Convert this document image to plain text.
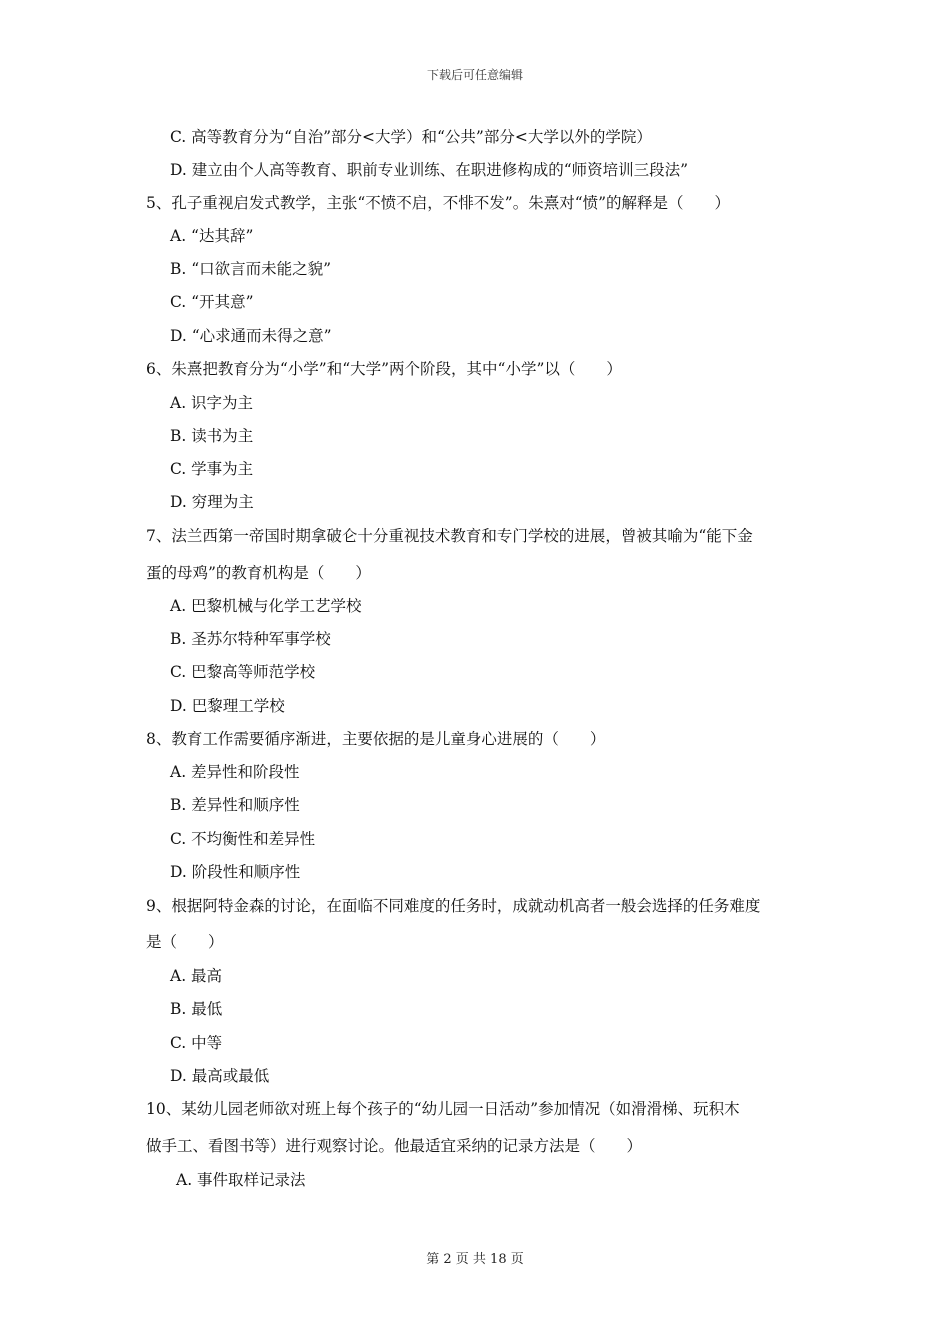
下载后可任意编辑
C. 高等教育分为“自治”部分<大学）和“公共”部分<大学以外的学院）
D. 建立由个人高等教育、职前专业训练、在职进修构成的“师资培训三段法”
5、孔子重视启发式教学，主张“不愤不启，不悱不发”。朱熹对“愤”的解释是（　　）
A. “达其辞”
B. “口欲言而未能之貌”
C. “开其意”
D. “心求通而未得之意”
6、朱熹把教育分为“小学”和“大学”两个阶段，其中“小学”以（　　）
A. 识字为主
B. 读书为主
C. 学事为主
D. 穷理为主
7、法兰西第一帝国时期拿破仑十分重视技术教育和专门学校的进展，曾被其喻为“能下金
蛋的母鸡”的教育机构是（　　）
A. 巴黎机械与化学工艺学校
B. 圣苏尔特种军事学校
C. 巴黎高等师范学校
D. 巴黎理工学校
8、教育工作需要循序渐进，主要依据的是儿童身心进展的（　　）
A. 差异性和阶段性
B. 差异性和顺序性
C. 不均衡性和差异性
D. 阶段性和顺序性
9、根据阿特金森的讨论，在面临不同难度的任务时，成就动机高者一般会选择的任务难度
是（　　）
A. 最高
B. 最低
C. 中等
D. 最高或最低
10、某幼儿园老师欲对班上每个孩子的“幼儿园一日活动”参加情况（如滑滑梯、玩积木
做手工、看图书等）进行观察讨论。他最适宜采纳的记录方法是（　　）
A. 事件取样记录法
第 2 页 共 18 页
